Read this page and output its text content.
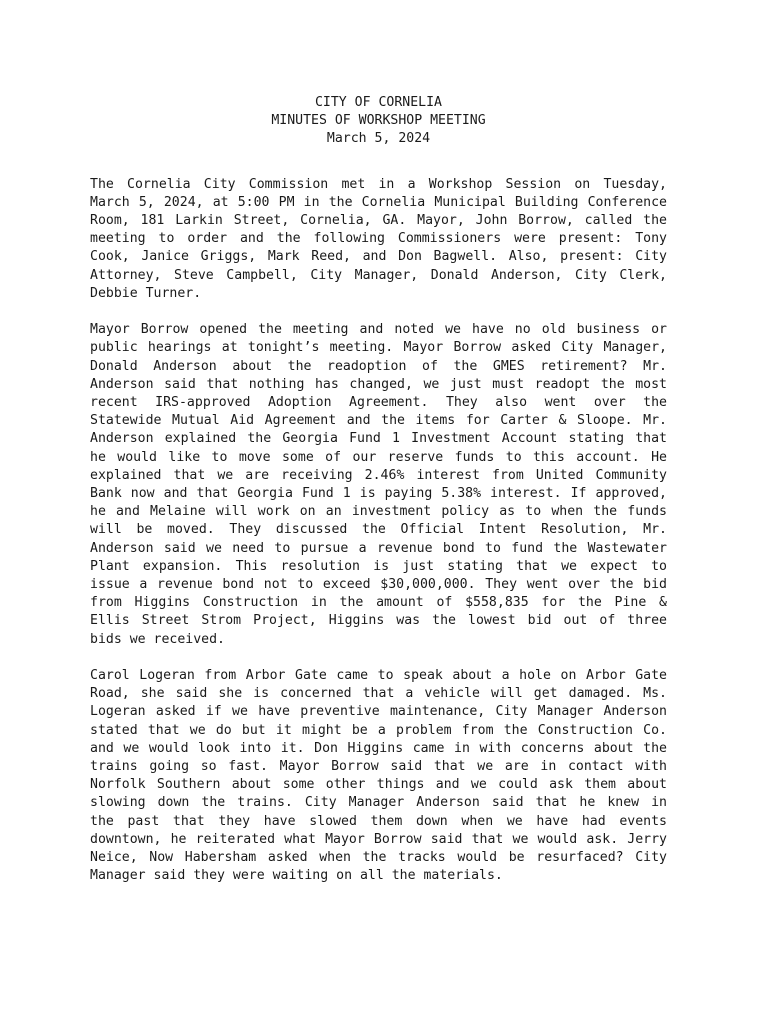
CITY OF CORNELIA
MINUTES OF WORKSHOP MEETING
March 5, 2024
The Cornelia City Commission met in a Workshop Session on Tuesday,
March 5, 2024, at 5:00 PM in the Cornelia Municipal Building Conference
Room, 181 Larkin Street, Cornelia, GA. Mayor, John Borrow, called the
meeting to order and the following Commissioners were present: Tony
Cook, Janice Griggs, Mark Reed, and Don Bagwell. Also, present: City
Attorney, Steve Campbell, City Manager, Donald Anderson, City Clerk,
Debbie Turner.
Mayor Borrow opened the meeting and noted we have no old business or
public hearings at tonight’s meeting. Mayor Borrow asked City Manager,
Donald Anderson about the readoption of the GMES retirement? Mr.
Anderson said that nothing has changed, we just must readopt the most
recent IRS-approved Adoption Agreement. They also went over the
Statewide Mutual Aid Agreement and the items for Carter & Sloope. Mr.
Anderson explained the Georgia Fund 1 Investment Account stating that
he would like to move some of our reserve funds to this account. He
explained that we are receiving 2.46% interest from United Community
Bank now and that Georgia Fund 1 is paying 5.38% interest. If approved,
he and Melaine will work on an investment policy as to when the funds
will be moved. They discussed the Official Intent Resolution, Mr.
Anderson said we need to pursue a revenue bond to fund the Wastewater
Plant expansion. This resolution is just stating that we expect to
issue a revenue bond not to exceed $30,000,000. They went over the bid
from Higgins Construction in the amount of $558,835 for the Pine &
Ellis Street Strom Project, Higgins was the lowest bid out of three
bids we received.
Carol Logeran from Arbor Gate came to speak about a hole on Arbor Gate
Road, she said she is concerned that a vehicle will get damaged. Ms.
Logeran asked if we have preventive maintenance, City Manager Anderson
stated that we do but it might be a problem from the Construction Co.
and we would look into it. Don Higgins came in with concerns about the
trains going so fast. Mayor Borrow said that we are in contact with
Norfolk Southern about some other things and we could ask them about
slowing down the trains. City Manager Anderson said that he knew in
the past that they have slowed them down when we have had events
downtown, he reiterated what Mayor Borrow said that we would ask. Jerry
Neice, Now Habersham asked when the tracks would be resurfaced? City
Manager said they were waiting on all the materials.
